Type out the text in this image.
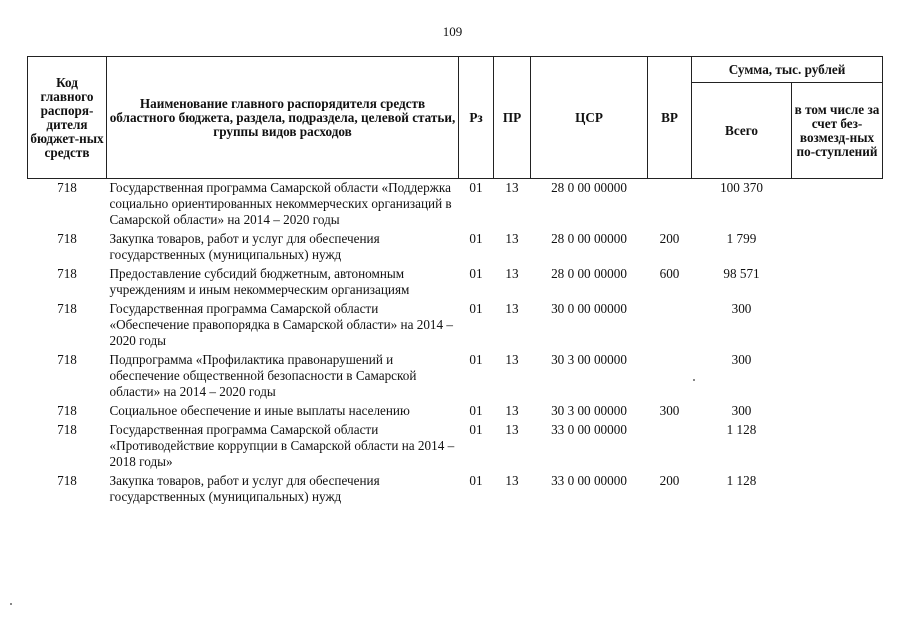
109
Код главного распоря-дителя бюджет-ных средств	Наименование главного распорядителя средств областного бюджета, раздела, подраздела, целевой статьи, группы видов расходов	Рз	ПР	ЦСР	ВР	Сумма, тыс. рублей	
						Всего	в том числе за счет без-возмезд-ных по-ступлений
718	Государственная программа Самарской области «Поддержка социально ориентированных некоммерческих организаций в Самарской области» на 2014 – 2020 годы	01	13	28 0 00 00000		100 370	
718	Закупка товаров, работ и услуг для обеспечения государственных (муниципальных) нужд	01	13	28 0 00 00000	200	1 799	
718	Предоставление субсидий бюджетным, автономным учреждениям и иным некоммерческим организациям	01	13	28 0 00 00000	600	98 571	
718	Государственная программа Самарской области «Обеспечение правопорядка в Самарской области» на 2014 – 2020 годы	01	13	30 0 00 00000		300	
718	Подпрограмма «Профилактика правонарушений и обеспечение общественной безопасности в Самарской области» на 2014 – 2020 годы	01	13	30 3 00 00000		300	
718	Социальное обеспечение и иные выплаты населению	01	13	30 3 00 00000	300	300	
718	Государственная программа Самарской области «Противодействие коррупции в Самарской области на 2014 – 2018 годы»	01	13	33 0 00 00000		1 128	
718	Закупка товаров, работ и услуг для обеспечения государственных (муниципальных) нужд	01	13	33 0 00 00000	200	1 128	
